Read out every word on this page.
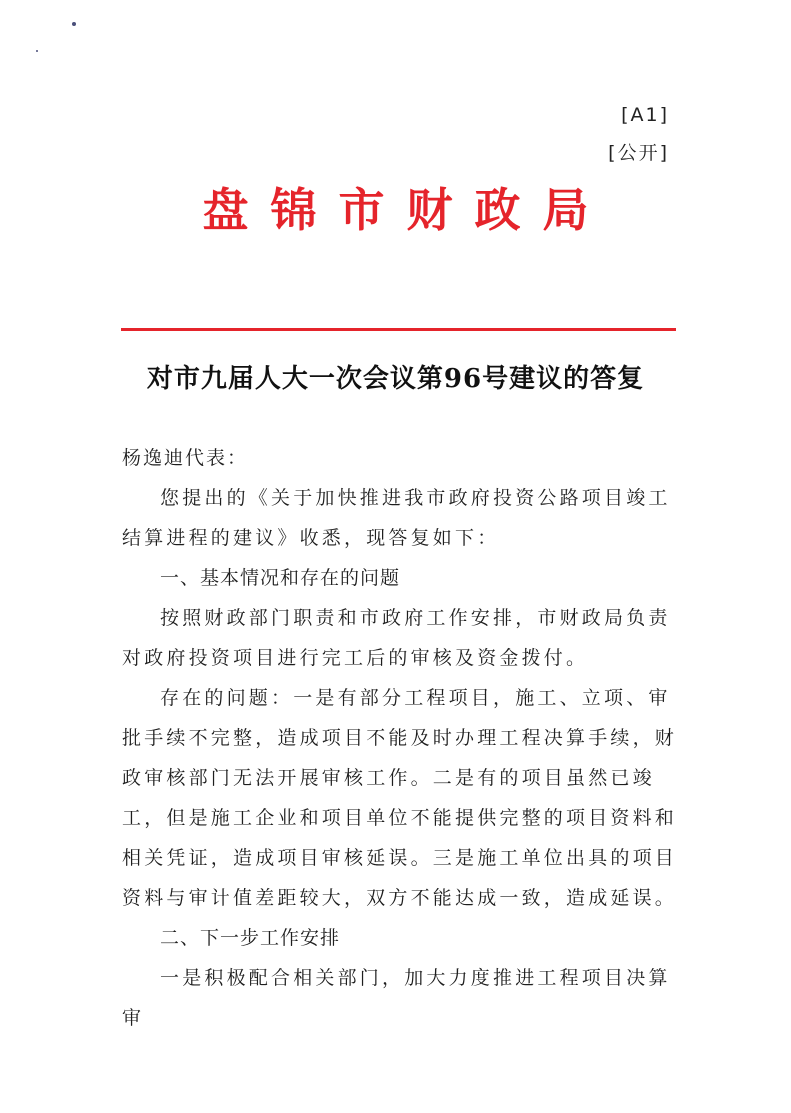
[A1]
[公开]
盘锦市财政局
对市九届人大一次会议第96号建议的答复

杨逸迪代表：

您提出的《关于加快推进我市政府投资公路项目竣工结算进程的建议》收悉，现答复如下：

一、基本情况和存在的问题

按照财政部门职责和市政府工作安排，市财政局负责对政府投资项目进行完工后的审核及资金拨付。

存在的问题：一是有部分工程项目，施工、立项、审批手续不完整，造成项目不能及时办理工程决算手续，财政审核部门无法开展审核工作。二是有的项目虽然已竣工，但是施工企业和项目单位不能提供完整的项目资料和相关凭证，造成项目审核延误。三是施工单位出具的项目资料与审计值差距较大，双方不能达成一致，造成延误。

二、下一步工作安排

一是积极配合相关部门，加大力度推进工程项目决算审
